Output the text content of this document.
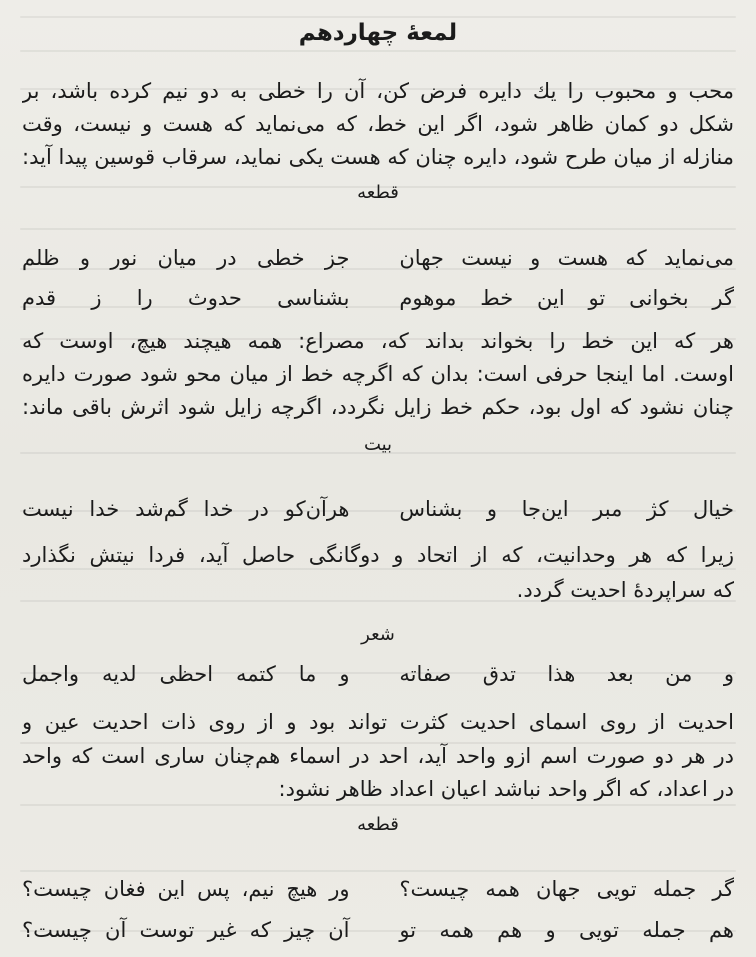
لمعهٔ چهاردهم
محب و محبوب را یك دایره فرض كن، آن را خطی به دو نیم كرده باشد، بر
شكل دو كمان ظاهر شود، اگر این خط، كه می‌نماید كه هست و نیست، وقت
منازله از میان طرح شود، دایره چنان كه هست یكی نماید، سرقاب قوسین پیدا آید:
قطعه
می‌نماید كه هست و نیست جهان
جز خطی در میان نور و ظلم
گر بخوانی تو این خط موهوم
بشناسی حدوث را ز قدم
هر كه این خط را بخواند بداند كه، مصراع: همه هیچند هیچ، اوست كه
اوست. اما اینجا حرفی است: بدان كه اگرچه خط از میان محو شود صورت دایره
چنان نشود كه اول بود، حكم خط زایل نگردد، اگرچه زایل شود اثرش باقی ماند:
بیت
خیال كژ مبر این‌جا و بشناس
هرآن‌كو در خدا گم‌شد خدا نیست
زیرا كه هر وحدانیت، كه از اتحاد و دوگانگی حاصل آید، فردا نیتش نگذارد
كه سراپردهٔ احدیت گردد.
شعر
و من بعد هذا تدق صفاته
و ما كتمه احظی لدیه واجمل
احدیت از روی اسمای احدیت كثرت تواند بود و از روی ذات احدیت عین و
در هر دو صورت اسم ازو واحد آید، احد در اسماء هم‌چنان ساری است كه واحد
در اعداد، كه اگر واحد نباشد اعیان اعداد ظاهر نشود:
قطعه
گر جمله تویی جهان همه چیست؟
ور هیچ نیم، پس این فغان چیست؟
هم جمله تویی و هم همه تو
آن چیز كه غیر توست آن چیست؟
